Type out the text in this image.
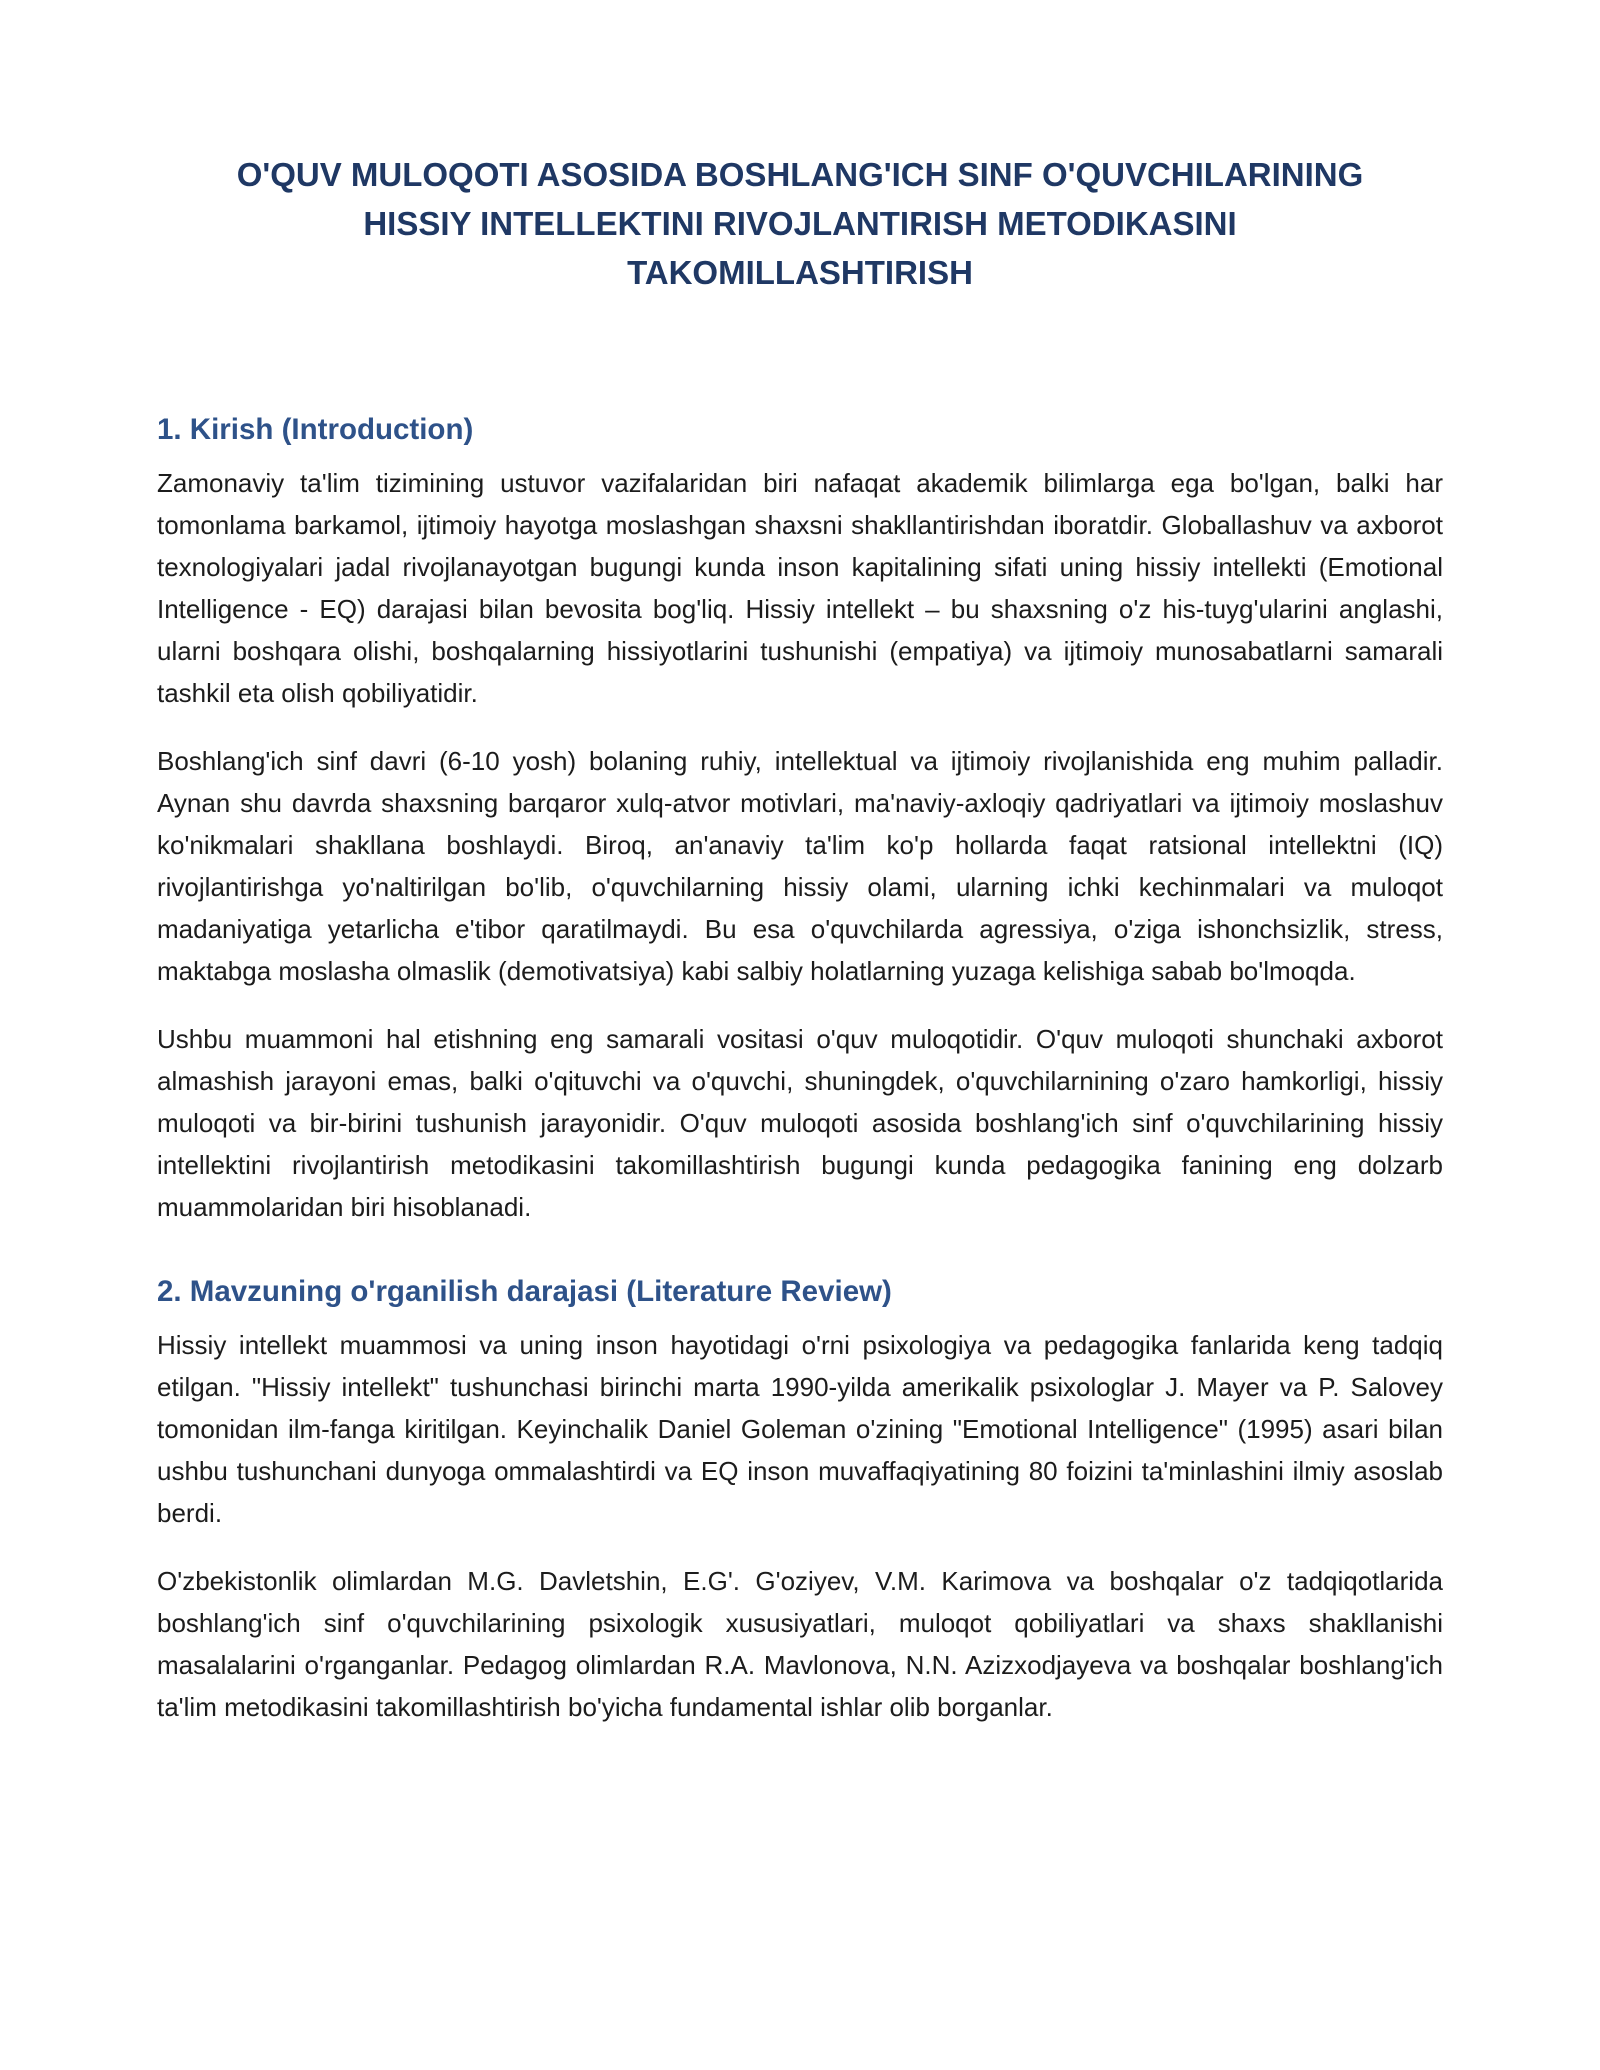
O'QUV MULOQOTI ASOSIDA BOSHLANG'ICH SINF O'QUVCHILARINING HISSIY INTELLEKTINI RIVOJLANTIRISH METODIKASINI TAKOMILLASHTIRISH
1. Kirish (Introduction)

Zamonaviy ta'lim tizimining ustuvor vazifalaridan biri nafaqat akademik bilimlarga ega bo'lgan, balki har tomonlama barkamol, ijtimoiy hayotga moslashgan shaxsni shakllantirishdan iboratdir. Globallashuv va axborot texnologiyalari jadal rivojlanayotgan bugungi kunda inson kapitalining sifati uning hissiy intellekti (Emotional Intelligence - EQ) darajasi bilan bevosita bog'liq. Hissiy intellekt – bu shaxsning o'z his-tuyg'ularini anglashi, ularni boshqara olishi, boshqalarning hissiyotlarini tushunishi (empatiya) va ijtimoiy munosabatlarni samarali tashkil eta olish qobiliyatidir.

Boshlang'ich sinf davri (6-10 yosh) bolaning ruhiy, intellektual va ijtimoiy rivojlanishida eng muhim palladir. Aynan shu davrda shaxsning barqaror xulq-atvor motivlari, ma'naviy-axloqiy qadriyatlari va ijtimoiy moslashuv ko'nikmalari shakllana boshlaydi. Biroq, an'anaviy ta'lim ko'p hollarda faqat ratsional intellektni (IQ) rivojlantirishga yo'naltirilgan bo'lib, o'quvchilarning hissiy olami, ularning ichki kechinmalari va muloqot madaniyatiga yetarlicha e'tibor qaratilmaydi. Bu esa o'quvchilarda agressiya, o'ziga ishonchsizlik, stress, maktabga moslasha olmaslik (demotivatsiya) kabi salbiy holatlarning yuzaga kelishiga sabab bo'lmoqda.

Ushbu muammoni hal etishning eng samarali vositasi o'quv muloqotidir. O'quv muloqoti shunchaki axborot almashish jarayoni emas, balki o'qituvchi va o'quvchi, shuningdek, o'quvchilarnining o'zaro hamkorligi, hissiy muloqoti va bir-birini tushunish jarayonidir. O'quv muloqoti asosida boshlang'ich sinf o'quvchilarining hissiy intellektini rivojlantirish metodikasini takomillashtirish bugungi kunda pedagogika fanining eng dolzarb muammolaridan biri hisoblanadi.

2. Mavzuning o'rganilish darajasi (Literature Review)

Hissiy intellekt muammosi va uning inson hayotidagi o'rni psixologiya va pedagogika fanlarida keng tadqiq etilgan. "Hissiy intellekt" tushunchasi birinchi marta 1990-yilda amerikalik psixologlar J. Mayer va P. Salovey tomonidan ilm-fanga kiritilgan. Keyinchalik Daniel Goleman o'zining "Emotional Intelligence" (1995) asari bilan ushbu tushunchani dunyoga ommalashtirdi va EQ inson muvaffaqiyatining 80 foizini ta'minlashini ilmiy asoslab berdi.

O'zbekistonlik olimlardan M.G. Davletshin, E.G'. G'oziyev, V.M. Karimova va boshqalar o'z tadqiqotlarida boshlang'ich sinf o'quvchilarining psixologik xususiyatlari, muloqot qobiliyatlari va shaxs shakllanishi masalalarini o'rganganlar. Pedagog olimlardan R.A. Mavlonova, N.N. Azizxodjayeva va boshqalar boshlang'ich ta'lim metodikasini takomillashtirish bo'yicha fundamental ishlar olib borganlar.
